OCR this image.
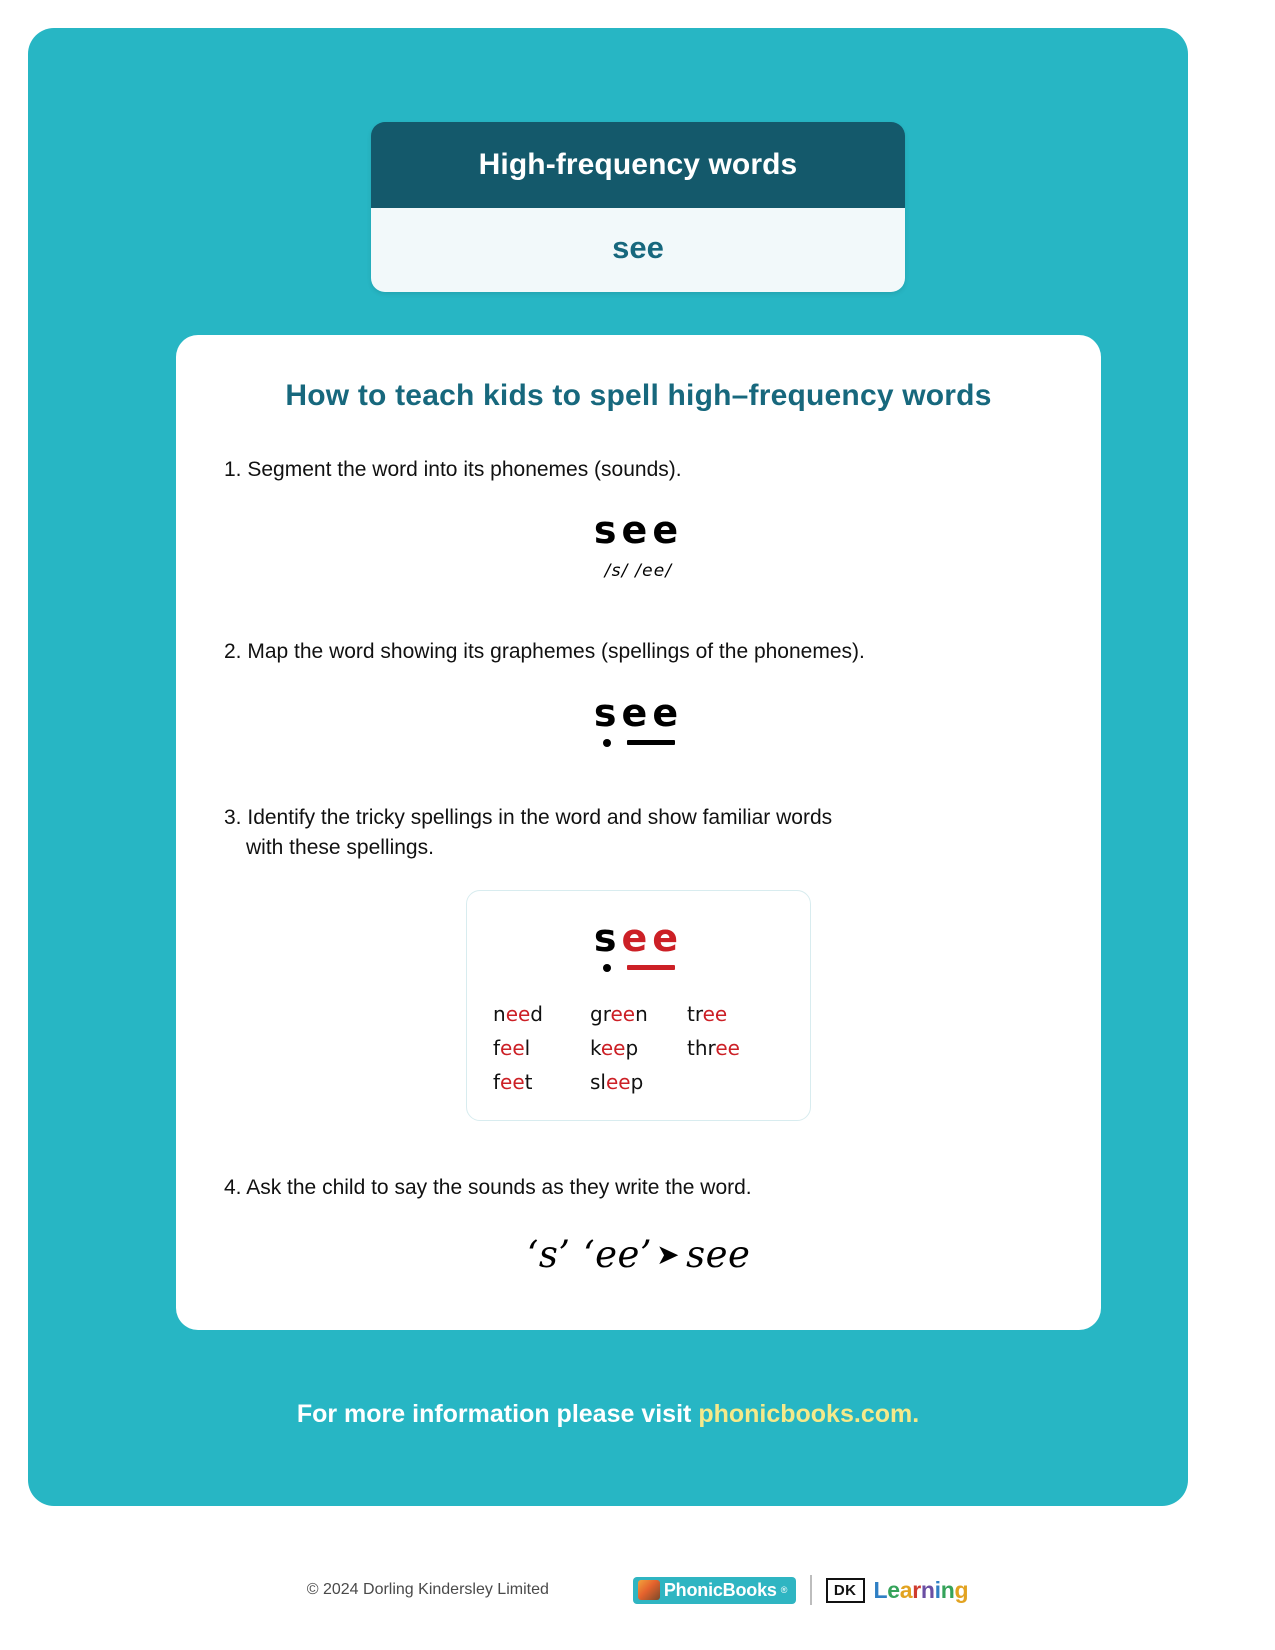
High-frequency words
see
How to teach kids to spell high–frequency words
1. Segment the word into its phonemes (sounds).
see
/s/ /ee/
2. Map the word showing its graphemes (spellings of the phonemes).
see
3. Identify the tricky spellings in the word and show familiar words
with these spellings.
see
need	green	tree
feel	keep	three
feet	sleep
4. Ask the child to say the sounds as they write the word.
‘s’ ‘ee’ ➤ see
For more information please visit phonicbooks.com.
© 2024 Dorling Kindersley Limited	PhonicBooks ®	DK Learning
